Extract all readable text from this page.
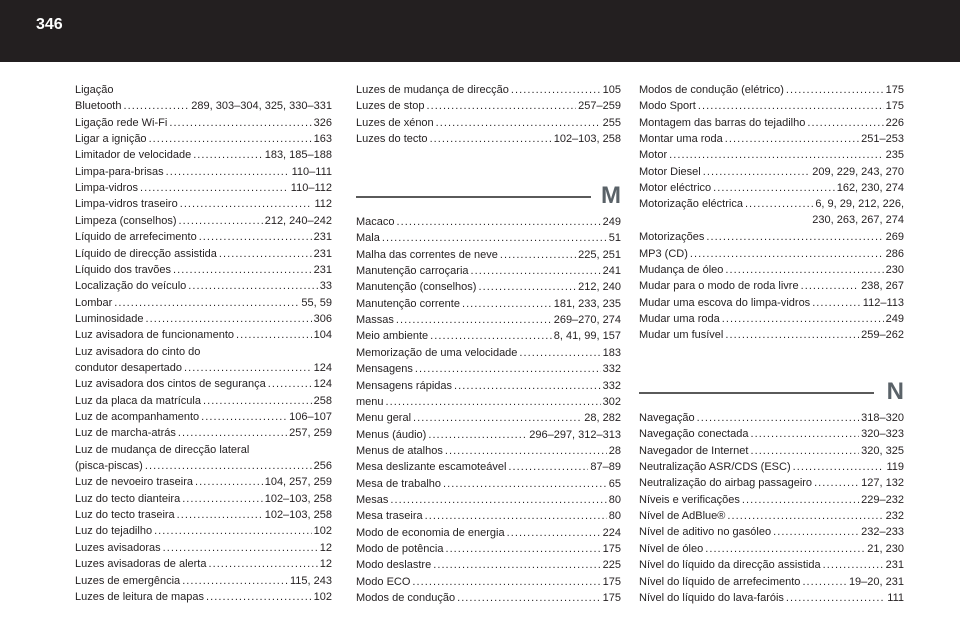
346
Ligação
Bluetooth . . .	289, 303–304, 325, 330–331
Ligação rede Wi-Fi . . .	326
Ligar a ignição . . .	163
Limitador de velocidade . . .	183, 185–188
Limpa-para-brisas . . .	110–111
Limpa-vidros . . .	110–112
Limpa-vidros traseiro . . .	112
Limpeza (conselhos) . . .	212, 240–242
Líquido de arrefecimento . . .	231
Líquido de direcção assistida . . .	231
Líquido dos travões . . .	231
Localização do veículo . . .	33
Lombar . . .	55, 59
Luminosidade . . .	306
Luz avisadora de funcionamento . . .	104
Luz avisadora do cinto do
condutor desapertado . . .	124
Luz avisadora dos cintos de segurança . . .	124
Luz da placa da matrícula . . .	258
Luz de acompanhamento . . .	106–107
Luz de marcha-atrás . . .	257, 259
Luz de mudança de direcção lateral
(pisca-piscas) . . .	256
Luz de nevoeiro traseira . . .	104, 257, 259
Luz do tecto dianteira . . .	102–103, 258
Luz do tecto traseira . . .	102–103, 258
Luz do tejadilho . . .	102
Luzes avisadoras . . .	12
Luzes avisadoras de alerta . . .	12
Luzes de emergência . . .	115, 243
Luzes de leitura de mapas . . .	102
Luzes de mudança de direcção . . .	105
Luzes de stop . . .	257–259
Luzes de xénon . . .	255
Luzes do tecto . . .	102–103, 258
M
Macaco . . .	249
Mala . . .	51
Malha das correntes de neve . . .	225, 251
Manutenção carroçaria . . .	241
Manutenção (conselhos) . . .	212, 240
Manutenção corrente . . .	181, 233, 235
Massas . . .	269–270, 274
Meio ambiente . . .	8, 41, 99, 157
Memorização de uma velocidade . . .	183
Mensagens . . .	332
Mensagens rápidas . . .	332
menu . . .	302
Menu geral . . .	28, 282
Menus (áudio) . . .	296–297, 312–313
Menus de atalhos . . .	28
Mesa deslizante escamoteável . . .	87–89
Mesa de trabalho . . .	65
Mesas . . .	80
Mesa traseira . . .	80
Modo de economia de energia . . .	224
Modo de potência . . .	175
Modo deslastre . . .	225
Modo ECO . . .	175
Modos de condução . . .	175
Modos de condução (elétrico) . . .	175
Modo Sport . . .	175
Montagem das barras do tejadilho . . .	226
Montar uma roda . . .	251–253
Motor . . .	235
Motor Diesel . . .	209, 229, 243, 270
Motor eléctrico . . .	162, 230, 274
Motorização eléctrica . . .	6, 9, 29, 212, 226,
230, 263, 267, 274
Motorizações . . .	269
MP3 (CD) . . .	286
Mudança de óleo . . .	230
Mudar para o modo de roda livre . . .	238, 267
Mudar uma escova do limpa-vidros . . .	112–113
Mudar uma roda . . .	249
Mudar um fusível . . .	259–262
N
Navegação . . .	318–320
Navegação conectada . . .	320–323
Navegador de Internet . . .	320, 325
Neutralização ASR/CDS (ESC) . . .	119
Neutralização do airbag passageiro . . .	127, 132
Níveis e verificações . . .	229–232
Nível de AdBlue® . . .	232
Nível de aditivo no gasóleo . . .	232–233
Nível de óleo . . .	21, 230
Nível do líquido da direcção assistida . . .	231
Nível do líquido de arrefecimento . . .	19–20, 231
Nível do líquido do lava-faróis . . .	111
